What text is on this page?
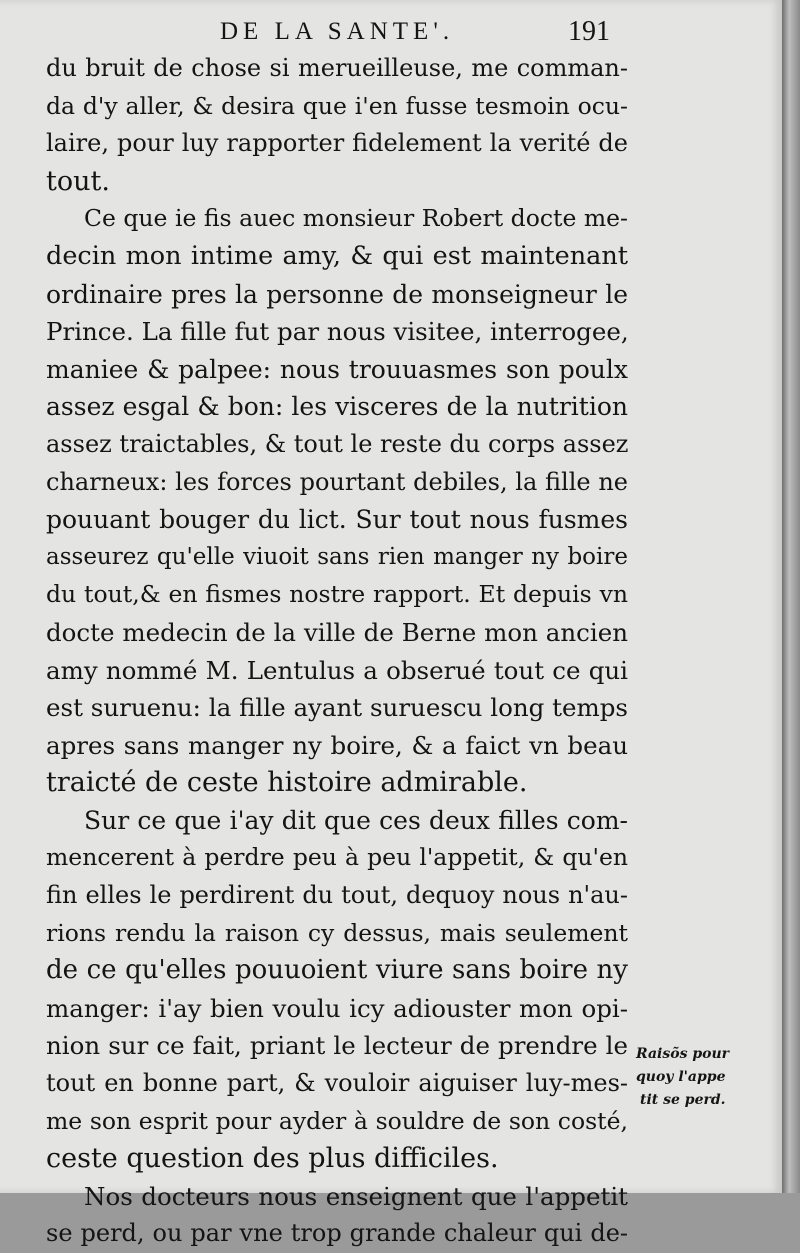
DE LA SANTE'.	191
du bruit de chose si merueilleuse, me comman-
da d'y aller, & desira que i'en fusse tesmoin ocu-
laire, pour luy rapporter fidelement la verité de
tout.
Ce que ie fis auec monsieur Robert docte me-
decin mon intime amy, & qui est maintenant
ordinaire pres la personne de monseigneur le
Prince. La fille fut par nous visitee, interrogee,
maniee & palpee: nous trouuasmes son poulx
assez esgal & bon: les visceres de la nutrition
assez traictables, & tout le reste du corps assez
charneux: les forces pourtant debiles, la fille ne
pouuant bouger du lict. Sur tout nous fusmes
asseurez qu'elle viuoit sans rien manger ny boire
du tout,& en fismes nostre rapport. Et depuis vn
docte medecin de la ville de Berne mon ancien
amy nommé M. Lentulus a obserué tout ce qui
est suruenu: la fille ayant suruescu long temps
apres sans manger ny boire, & a faict vn beau
traicté de ceste histoire admirable.
Sur ce que i'ay dit que ces deux filles com-
mencerent à perdre peu à peu l'appetit, & qu'en
fin elles le perdirent du tout, dequoy nous n'au-
rions rendu la raison cy dessus, mais seulement
de ce qu'elles pouuoient viure sans boire ny
manger: i'ay bien voulu icy adiouster mon opi-
nion sur ce fait, priant le lecteur de prendre le
tout en bonne part, & vouloir aiguiser luy-mes-
me son esprit pour ayder à souldre de son costé,
ceste question des plus difficiles.
Nos docteurs nous enseignent que l'appetit
se perd, ou par vne trop grande chaleur qui de-
Raisõs pour
quoy l'appe
tit se perd.
